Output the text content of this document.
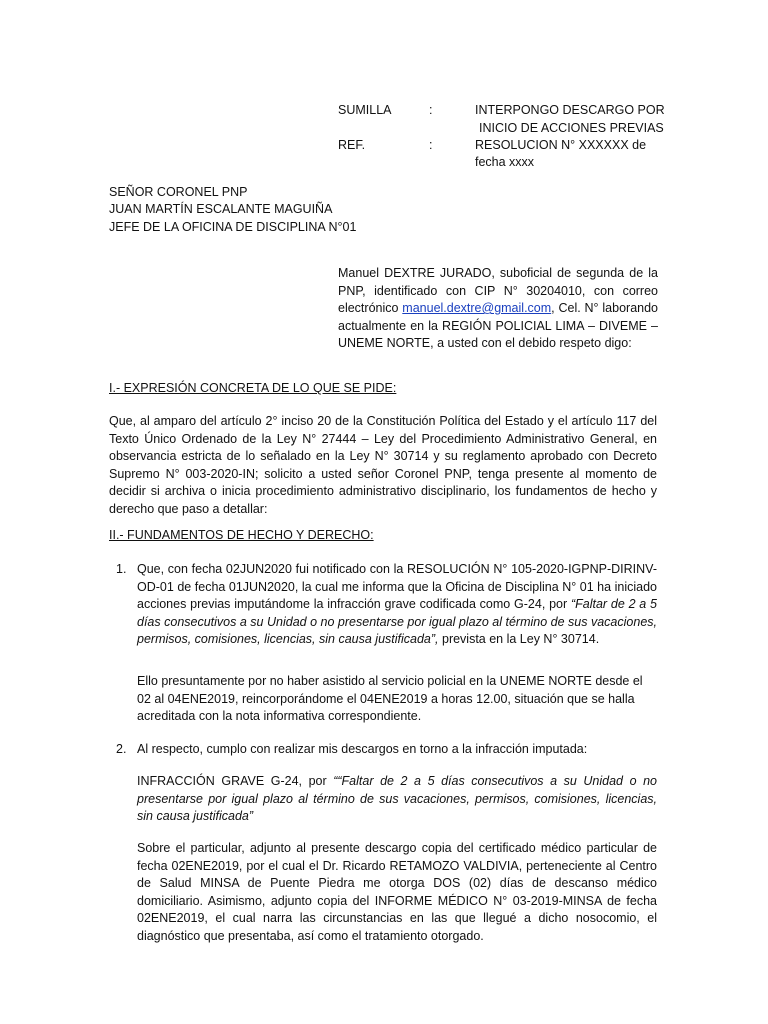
SUMILLA	:	INTERPONGO DESCARGO POR
INICIO DE ACCIONES PREVIAS
REF.	:	RESOLUCION N° XXXXXX de
fecha xxxx
SEÑOR CORONEL PNP
JUAN MARTÍN ESCALANTE MAGUIÑA
JEFE DE LA OFICINA DE DISCIPLINA N°01
Manuel DEXTRE JURADO, suboficial de segunda de la PNP, identificado con CIP N° 30204010, con correo electrónico manuel.dextre@gmail.com, Cel. N° laborando actualmente en la REGIÓN POLICIAL LIMA – DIVEME – UNEME NORTE, a usted con el debido respeto digo:
I.- EXPRESIÓN CONCRETA DE LO QUE SE PIDE:
Que, al amparo del artículo 2° inciso 20 de la Constitución Política del Estado y el artículo 117 del Texto Único Ordenado de la Ley N° 27444 – Ley del Procedimiento Administrativo General, en observancia estricta de lo señalado en la Ley N° 30714 y su reglamento aprobado con Decreto Supremo N° 003-2020-IN; solicito a usted señor Coronel PNP, tenga presente al momento de decidir si archiva o inicia procedimiento administrativo disciplinario, los fundamentos de hecho y derecho que paso a detallar:
II.- FUNDAMENTOS DE HECHO Y DERECHO:
1. Que, con fecha 02JUN2020 fui notificado con la RESOLUCIÓN N° 105-2020-IGPNP-DIRINV-OD-01 de fecha 01JUN2020, la cual me informa que la Oficina de Disciplina N° 01 ha iniciado acciones previas imputándome la infracción grave codificada como G-24, por “Faltar de 2 a 5 días consecutivos a su Unidad o no presentarse por igual plazo al término de sus vacaciones, permisos, comisiones, licencias, sin causa justificada”, prevista en la Ley N° 30714.
Ello presuntamente por no haber asistido al servicio policial en la UNEME NORTE desde el 02 al 04ENE2019, reincorporándome el 04ENE2019 a horas 12.00, situación que se halla acreditada con la nota informativa correspondiente.
2. Al respecto, cumplo con realizar mis descargos en torno a la infracción imputada:
INFRACCIÓN GRAVE G-24, por ““Faltar de 2 a 5 días consecutivos a su Unidad o no presentarse por igual plazo al término de sus vacaciones, permisos, comisiones, licencias, sin causa justificada”
Sobre el particular, adjunto al presente descargo copia del certificado médico particular de fecha 02ENE2019, por el cual el Dr. Ricardo RETAMOZO VALDIVIA, perteneciente al Centro de Salud MINSA de Puente Piedra me otorga DOS (02) días de descanso médico domiciliario. Asimismo, adjunto copia del INFORME MÉDICO N° 03-2019-MINSA de fecha 02ENE2019, el cual narra las circunstancias en las que llegué a dicho nosocomio, el diagnóstico que presentaba, así como el tratamiento otorgado.
